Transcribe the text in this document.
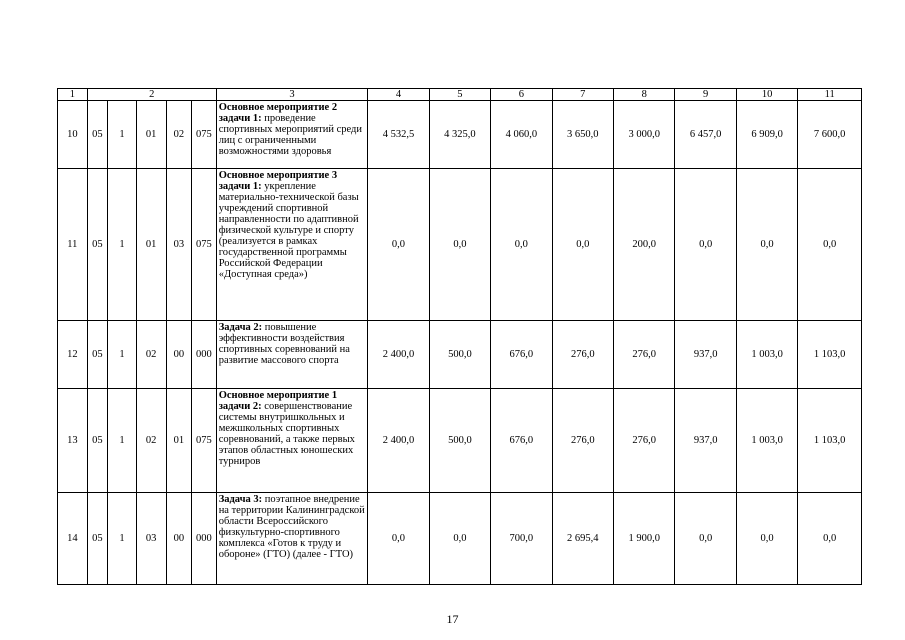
1	2					3	4	5	6	7	8	9	10	11
10	05	1	01	02	075	Основное мероприятие 2 задачи 1: проведение спортивных мероприятий среди лиц с ограниченными возможностями здоровья	4 532,5	4 325,0	4 060,0	3 650,0	3 000,0	6 457,0	6 909,0	7 600,0
11	05	1	01	03	075	Основное мероприятие 3 задачи 1: укрепление материально-технической базы учреждений спортивной направленности по адаптивной физической культуре и спорту (реализуется в рамках государственной программы Российской Федерации «Доступная среда»)	0,0	0,0	0,0	0,0	200,0	0,0	0,0	0,0
12	05	1	02	00	000	Задача 2: повышение эффективности воздействия спортивных соревнований на развитие массового спорта	2 400,0	500,0	676,0	276,0	276,0	937,0	1 003,0	1 103,0
13	05	1	02	01	075	Основное мероприятие 1 задачи 2: совершенствование системы внутришкольных и межшкольных спортивных соревнований, а также первых этапов областных юношеских турниров	2 400,0	500,0	676,0	276,0	276,0	937,0	1 003,0	1 103,0
14	05	1	03	00	000	Задача 3: поэтапное внедрение на территории Калининградской области Всероссийского физкультурно-спортивного комплекса «Готов к труду и обороне» (ГТО) (далее - ГТО)	0,0	0,0	700,0	2 695,4	1 900,0	0,0	0,0	0,0
17
